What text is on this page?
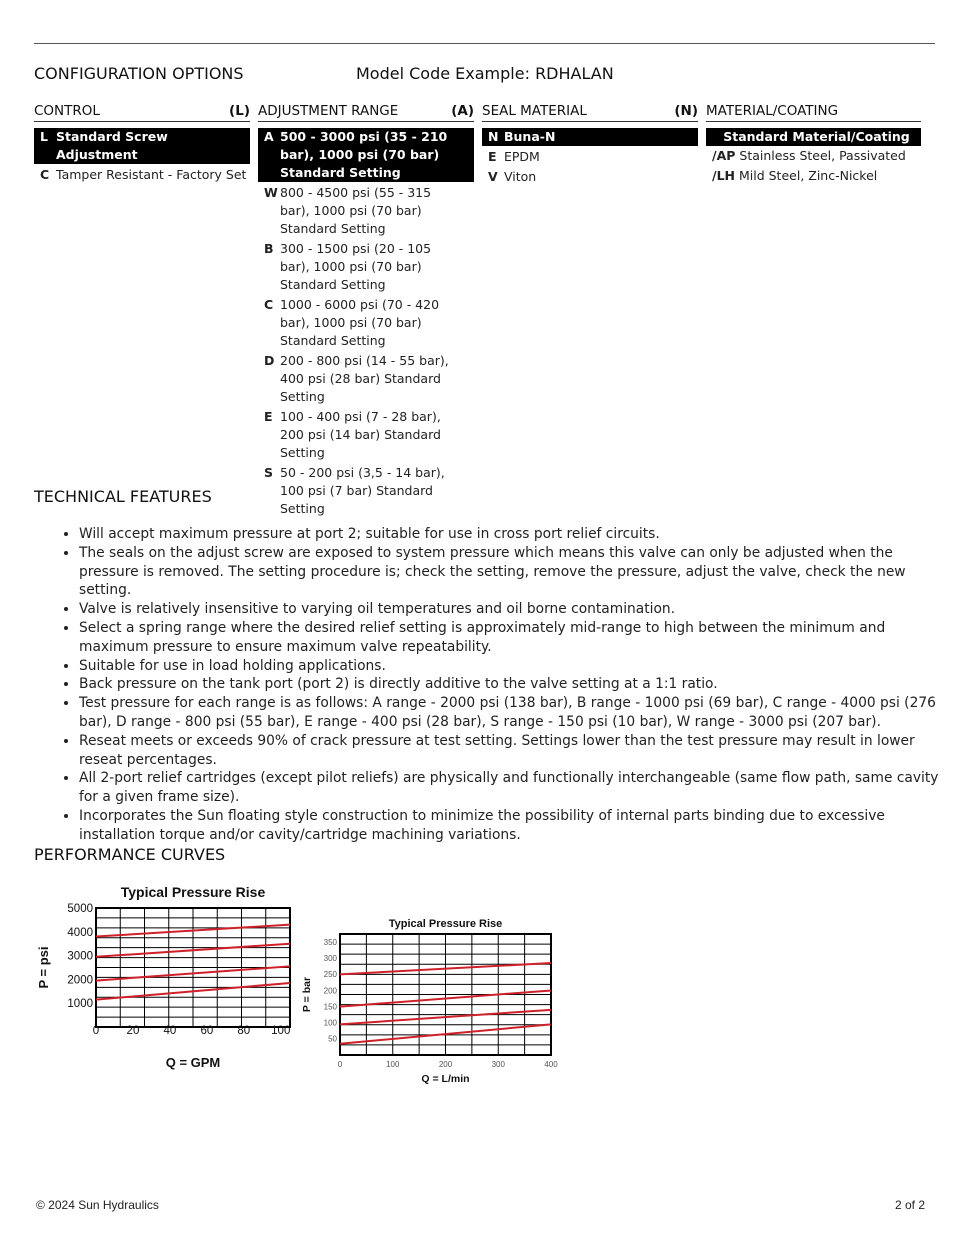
CONFIGURATION OPTIONS	Model Code Example: RDHALAN
CONTROL	(L)
L Standard Screw Adjustment
C Tamper Resistant - Factory Set
ADJUSTMENT RANGE	(A)
A 500 - 3000 psi (35 - 210 bar), 1000 psi (70 bar) Standard Setting
W 800 - 4500 psi (55 - 315 bar), 1000 psi (70 bar) Standard Setting
B 300 - 1500 psi (20 - 105 bar), 1000 psi (70 bar) Standard Setting
C 1000 - 6000 psi (70 - 420 bar), 1000 psi (70 bar) Standard Setting
D 200 - 800 psi (14 - 55 bar), 400 psi (28 bar) Standard Setting
E 100 - 400 psi (7 - 28 bar), 200 psi (14 bar) Standard Setting
S 50 - 200 psi (3,5 - 14 bar), 100 psi (7 bar) Standard Setting
SEAL MATERIAL	(N)
N Buna-N
E EPDM
V Viton
MATERIAL/COATING
Standard Material/Coating
/AP Stainless Steel, Passivated
/LH Mild Steel, Zinc-Nickel
TECHNICAL FEATURES
• Will accept maximum pressure at port 2; suitable for use in cross port relief circuits.
• The seals on the adjust screw are exposed to system pressure which means this valve can only be adjusted when the pressure is removed. The setting procedure is; check the setting, remove the pressure, adjust the valve, check the new setting.
• Valve is relatively insensitive to varying oil temperatures and oil borne contamination.
• Select a spring range where the desired relief setting is approximately mid-range to high between the minimum and maximum pressure to ensure maximum valve repeatability.
• Suitable for use in load holding applications.
• Back pressure on the tank port (port 2) is directly additive to the valve setting at a 1:1 ratio.
• Test pressure for each range is as follows: A range - 2000 psi (138 bar), B range - 1000 psi (69 bar), C range - 4000 psi (276 bar), D range - 800 psi (55 bar), E range - 400 psi (28 bar), S range - 150 psi (10 bar), W range - 3000 psi (207 bar).
• Reseat meets or exceeds 90% of crack pressure at test setting. Settings lower than the test pressure may result in lower reseat percentages.
• All 2-port relief cartridges (except pilot reliefs) are physically and functionally interchangeable (same flow path, same cavity for a given frame size).
• Incorporates the Sun floating style construction to minimize the possibility of internal parts binding due to excessive installation torque and/or cavity/cartridge machining variations.
PERFORMANCE CURVES
Typical Pressure Rise
0 20 40 60 80 100
1000
2000
3000
4000
5000
Q = GPM
P = psi
Typical Pressure Rise
0	100	200	300	400
50
100
150
200
250
300
350
Q = L/min
P = bar
© 2024 Sun Hydraulics	2 of 2
